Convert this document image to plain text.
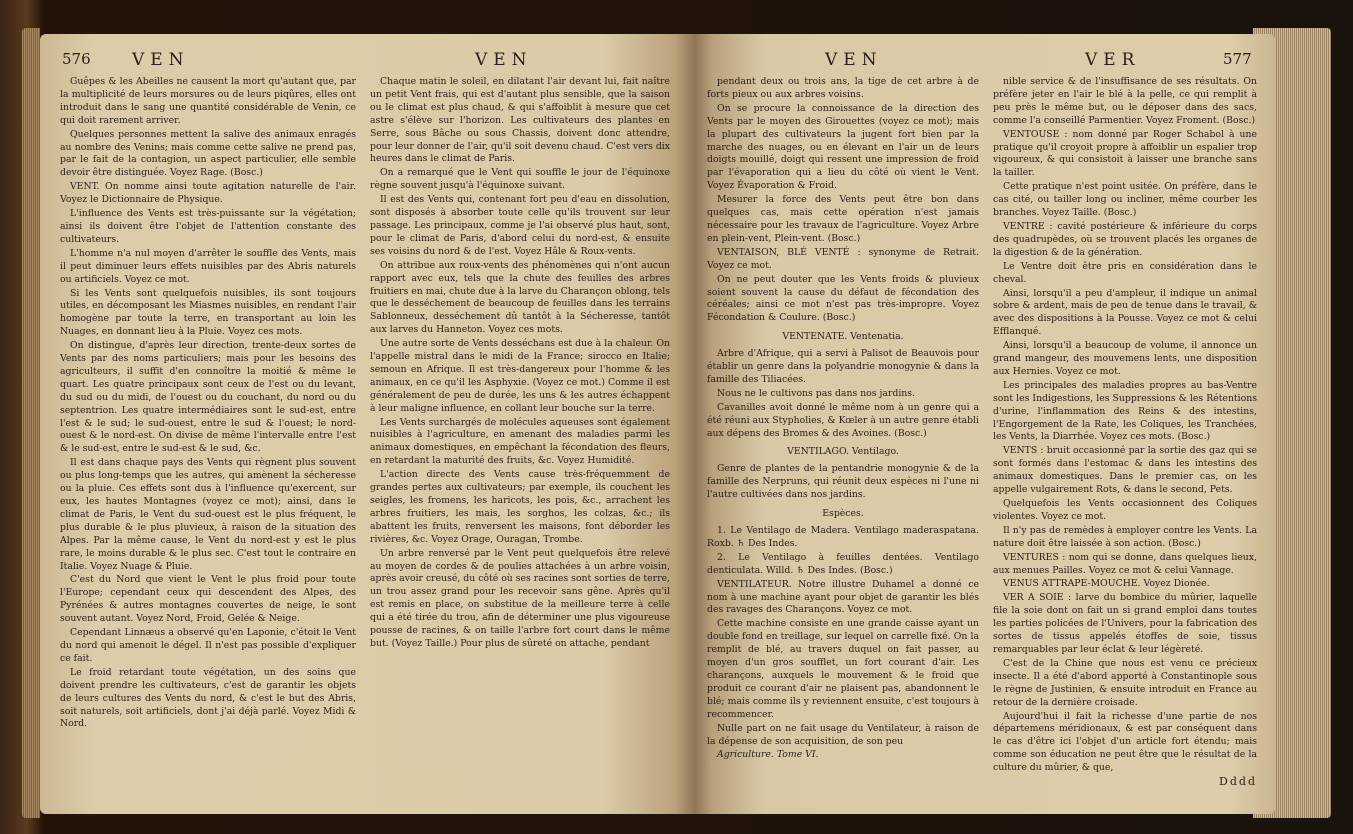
576 VEN	VEN

Guêpes & les Abeilles ne causent la mort qu'autant que, par la multiplicité de leurs morsures ou de leurs piqûres, elles ont introduit dans le sang une quantité considérable de Venin, ce qui doit rarement arriver.

Quelques personnes mettent la salive des animaux enragés au nombre des Venins; mais comme cette salive ne prend pas, par le fait de la contagion, un aspect particulier, elle semble devoir être distinguée. Voyez Rage. (Bosc.)

VENT. On nomme ainsi toute agitation naturelle de l'air. Voyez le Dictionnaire de Physique.

L'influence des Vents est très-puissante sur la végétation; ainsi ils doivent être l'objet de l'attention constante des cultivateurs.

L'homme n'a nul moyen d'arrêter le souffle des Vents, mais il peut diminuer leurs effets nuisibles par des Abris naturels ou artificiels. Voyez ce mot.

Si les Vents sont quelquefois nuisibles, ils sont toujours utiles, en décomposant les Miasmes nuisibles, en rendant l'air homogène par toute la terre, en transportant au loin les Nuages, en donnant lieu à la Pluie. Voyez ces mots.

On distingue, d'après leur direction, trente-deux sortes de Vents par des noms particuliers; mais pour les besoins des agriculteurs, il suffit d'en connoître la moitié & même le quart. Les quatre principaux sont ceux de l'est ou du levant, du sud ou du midi, de l'ouest ou du couchant, du nord ou du septentrion. Les quatre intermédiaires sont le sud-est, entre l'est & le sud; le sud-ouest, entre le sud & l'ouest; le nord-ouest & le nord-est. On divise de même l'intervalle entre l'est & le sud-est, entre le sud-est & le sud, &c.

Il est dans chaque pays des Vents qui règnent plus souvent ou plus long-temps que les autres, qui amènent la sécheresse ou la pluie. Ces effets sont dus à l'influence qu'exercent, sur eux, les hautes Montagnes (voyez ce mot); ainsi, dans le climat de Paris, le Vent du sud-ouest est le plus fréquent, le plus durable & le plus pluvieux, à raison de la situation des Alpes. Par la même cause, le Vent du nord-est y est le plus rare, le moins durable & le plus sec. C'est tout le contraire en Italie. Voyez Nuage & Pluie.

C'est du Nord que vient le Vent le plus froid pour toute l'Europe; cependant ceux qui descendent des Alpes, des Pyrénées & autres montagnes couvertes de neige, le sont souvent autant. Voyez Nord, Froid, Gelée & Neige.

Cependant Linnæus a observé qu'en Laponie, c'étoit le Vent du nord qui amenoit le dégel. Il n'est pas possible d'expliquer ce fait.

Le froid retardant toute végétation, un des soins que doivent prendre les cultivateurs, c'est de garantir les objets de leurs cultures des Vents du nord, & c'est le but des Abris, soit naturels, soit artificiels, dont j'ai déjà parlé. Voyez Midi & Nord.

Chaque matin le soleil, en dilatant l'air devant lui, fait naître un petit Vent frais, qui est d'autant plus sensible, que la saison ou le climat est plus chaud, & qui s'affoiblit à mesure que cet astre s'élève sur l'horizon. Les cultivateurs des plantes en Serre, sous Bâche ou sous Chassis, doivent donc attendre, pour leur donner de l'air, qu'il soit devenu chaud. C'est vers dix heures dans le climat de Paris.

On a remarqué que le Vent qui souffle le jour de l'équinoxe règne souvent jusqu'à l'équinoxe suivant.

Il est des Vents qui, contenant fort peu d'eau en dissolution, sont disposés à absorber toute celle qu'ils trouvent sur leur passage. Les principaux, comme je l'ai observé plus haut, sont, pour le climat de Paris, d'abord celui du nord-est, & ensuite ses voisins du nord & de l'est. Voyez Hâle & Roux-vents.

On attribue aux roux-vents des phénomènes qui n'ont aucun rapport avec eux, tels que la chute des feuilles des arbres fruitiers en mai, chute due à la larve du Charançon oblong, tels que le desséchement de beaucoup de feuilles dans les terrains Sablonneux, desséchement dû tantôt à la Sécheresse, tantôt aux larves du Hanneton. Voyez ces mots.

Une autre sorte de Vents desséchans est due à la chaleur. On l'appelle mistral dans le midi de la France; sirocco en Italie; semoun en Afrique. Il est très-dangereux pour l'homme & les animaux, en ce qu'il les Asphyxie. (Voyez ce mot.) Comme il est généralement de peu de durée, les uns & les autres échappent à leur maligne influence, en collant leur bouche sur la terre.

Les Vents surchargés de molécules aqueuses sont également nuisibles à l'agriculture, en amenant des maladies parmi les animaux domestiques, en empêchant la fécondation des fleurs, en retardant la maturité des fruits, &c. Voyez Humidité.

L'action directe des Vents cause très-fréquemment de grandes pertes aux cultivateurs; par exemple, ils couchent les seigles, les fromens, les haricots, les pois, &c., arrachent les arbres fruitiers, les mais, les sorghos, les colzas, &c.; ils abattent les fruits, renversent les maisons, font déborder les rivières, &c. Voyez Orage, Ouragan, Trombe.

Un arbre renversé par le Vent peut quelquefois être relevé au moyen de cordes & de poulies attachées à un arbre voisin, après avoir creusé, du côté où ses racines sont sorties de terre, un trou assez grand pour les recevoir sans gêne. Après qu'il est remis en place, on substitue de la meilleure terre à celle qui a été tirée du trou, afin de déterminer une plus vigoureuse pousse de racines, & on taille l'arbre fort court dans le même but. (Voyez Taille.) Pour plus de sûreté on attache, pendant

VEN	VER	577

pendant deux ou trois ans, la tige de cet arbre à de forts pieux ou aux arbres voisins.

On se procure la connoissance de la direction des Vents par le moyen des Girouettes (voyez ce mot); mais la plupart des cultivateurs la jugent fort bien par la marche des nuages, ou en élevant en l'air un de leurs doigts mouillé, doigt qui ressent une impression de froid par l'évaporation qui a lieu du côté où vient le Vent. Voyez Évaporation & Froid.

Mesurer la force des Vents peut être bon dans quelques cas, mais cette opération n'est jamais nécessaire pour les travaux de l'agriculture. Voyez Arbre en plein-vent, Plein-vent. (Bosc.)

VENTAISON, BLÉ VENTÉ : synonyme de Retrait. Voyez ce mot.

On ne peut douter que les Vents froids & pluvieux soient souvent la cause du défaut de fécondation des céréales; ainsi ce mot n'est pas très-impropre. Voyez Fécondation & Coulure. (Bosc.)

VENTENATE. Ventenatia.

Arbre d'Afrique, qui a servi à Palisot de Beauvois pour établir un genre dans la polyandrie monogynie & dans la famille des Tiliacées.

Nous ne le cultivons pas dans nos jardins.

Cavanilles avoit donné le même nom à un genre qui a été réuni aux Stypholies, & Kœler à un autre genre établi aux dépens des Bromes & des Avoines. (Bosc.)

VENTILAGO. Ventilago.

Genre de plantes de la pentandrie monogynie & de la famille des Nerpruns, qui réunit deux espèces ni l'une ni l'autre cultivées dans nos jardins.

Espèces.

1. Le Ventilago de Madera. Ventilago maderaspatana. Roxb. ♄ Des Indes.

2. Le Ventilago à feuilles dentées. Ventilago denticulata. Willd. ♄ Des Indes. (Bosc.)

VENTILATEUR. Notre illustre Duhamel a donné ce nom à une machine ayant pour objet de garantir les blés des ravages des Charançons. Voyez ce mot.

Cette machine consiste en une grande caisse ayant un double fond en treillage, sur lequel on carrelle fixé. On la remplit de blé, au travers duquel on fait passer, au moyen d'un gros soufflet, un fort courant d'air. Les charançons, auxquels le mouvement & le froid que produit ce courant d'air ne plaisent pas, abandonnent le blé; mais comme ils y reviennent ensuite, c'est toujours à recommencer.

Nulle part on ne fait usage du Ventilateur, à raison de la dépense de son acquisition, de son peu

Agriculture. Tome VI.

nible service & de l'insuffisance de ses résultats. On préfère jeter en l'air le blé à la pelle, ce qui remplit à peu près le même but, ou le déposer dans des sacs, comme l'a conseillé Parmentier. Voyez Froment. (Bosc.)

VENTOUSE : nom donné par Roger Schabol à une pratique qu'il croyoit propre à affoiblir un espalier trop vigoureux, & qui consistoit à laisser une branche sans la tailler.

Cette pratique n'est point usitée. On préfère, dans le cas cité, ou tailler long ou incliner, même courber les branches. Voyez Taille. (Bosc.)

VENTRE : cavité postérieure & inférieure du corps des quadrupèdes, où se trouvent placés les organes de la digestion & de la génération.

Le Ventre doit être pris en considération dans le cheval.

Ainsi, lorsqu'il a peu d'ampleur, il indique un animal sobre & ardent, mais de peu de tenue dans le travail, & avec des dispositions à la Pousse. Voyez ce mot & celui Efflanqué.

Ainsi, lorsqu'il a beaucoup de volume, il annonce un grand mangeur, des mouvemens lents, une disposition aux Hernies. Voyez ce mot.

Les principales des maladies propres au bas-Ventre sont les Indigestions, les Suppressions & les Rétentions d'urine, l'inflammation des Reins & des intestins, l'Engorgement de la Rate, les Coliques, les Tranchées, les Vents, la Diarrhée. Voyez ces mots. (Bosc.)

VENTS : bruit occasionné par la sortie des gaz qui se sont formés dans l'estomac & dans les intestins des animaux domestiques. Dans le premier cas, on les appelle vulgairement Rots, & dans le second, Pets.

Quelquefois les Vents occasionnent des Coliques violentes. Voyez ce mot.

Il n'y pas de remèdes à employer contre les Vents. La nature doit être laissée à son action. (Bosc.)

VENTURES : nom qui se donne, dans quelques lieux, aux menues Pailles. Voyez ce mot & celui Vannage.

VENUS ATTRAPE-MOUCHE. Voyez Dionée.

VER A SOIE : larve du bombice du mûrier, laquelle file la soie dont on fait un si grand emploi dans toutes les parties policées de l'Univers, pour la fabrication des sortes de tissus appelés étoffes de soie, tissus remarquables par leur éclat & leur légèreté.

C'est de la Chine que nous est venu ce précieux insecte. Il a été d'abord apporté à Constantinople sous le règne de Justinien, & ensuite introduit en France au retour de la dernière croisade.

Aujourd'hui il fait la richesse d'une partie de nos départemens méridionaux, & est par conséquent dans le cas d'être ici l'objet d'un article fort étendu; mais comme son éducation ne peut être que le résultat de la culture du mûrier, & que,

Dddd
